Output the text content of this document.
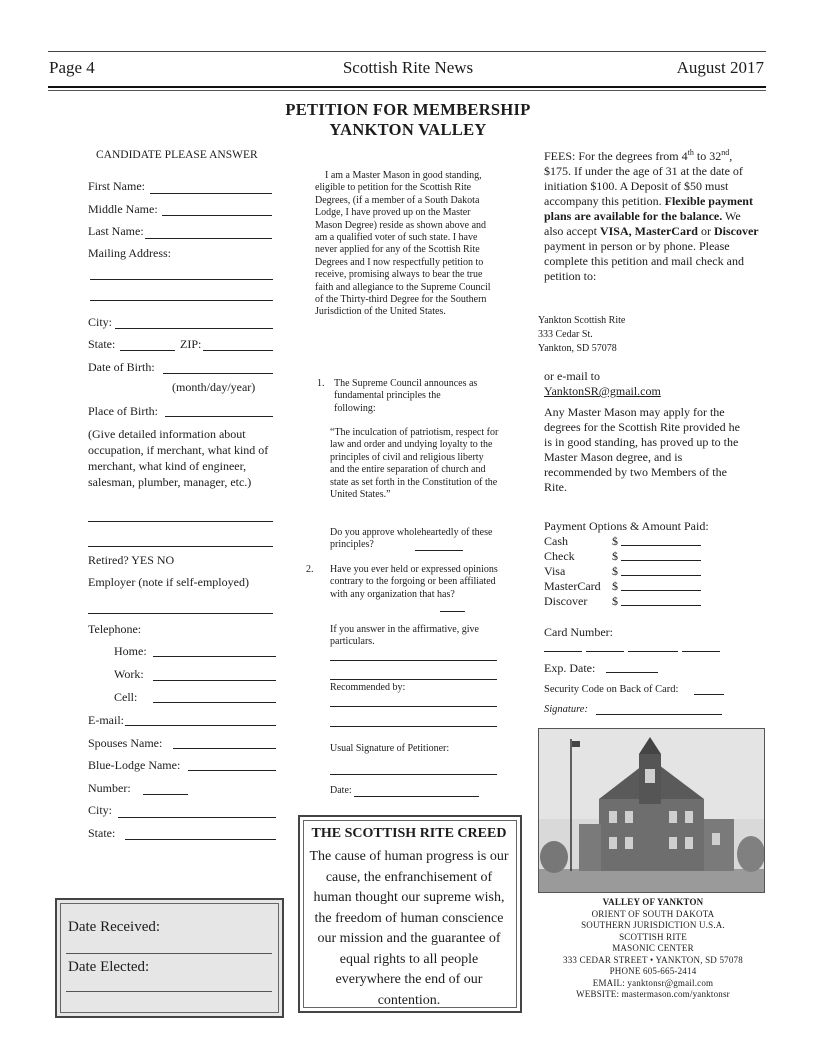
Page 4	Scottish Rite News	August 2017
PETITION FOR MEMBERSHIP
YANKTON VALLEY
CANDIDATE PLEASE ANSWER
First Name:
Middle Name:
Last Name:
Mailing Address:
City:
State:	ZIP:
Date of Birth:
(month/day/year)
Place of Birth:
(Give detailed information about occupation, if merchant, what kind of merchant, what kind of engineer, salesman, plumber, manager, etc.)
Retired? YES NO
Employer (note if self-employed)
Telephone:
Home:
Work:
Cell:
E-mail:
Spouses Name:
Blue-Lodge Name:
Number:
City:
State:
Date Received:
Date Elected:
I am a Master Mason in good standing, eligible to petition for the Scottish Rite Degrees, (if a member of a South Dakota Lodge, I have proved up on the Master Mason Degree) reside as shown above and am a qualified voter of such state. I have never applied for any of the Scottish Rite Degrees and I now respectfully petition to receive, promising always to bear the true faith and allegiance to the Supreme Council of the Thirty-third Degree for the Southern Jurisdiction of the United States.
1. The Supreme Council announces as fundamental principles the following:
“The inculcation of patriotism, respect for law and order and undying loyalty to the principles of civil and religious liberty and the entire separation of church and state as set forth in the Constitution of the United States.”
Do you approve wholeheartedly of these principles?
2. Have you ever held or expressed opinions contrary to the forgoing or been affiliated with any organization that has?
If you answer in the affirmative, give particulars.
Recommended by:
Usual Signature of Petitioner:
Date:
THE SCOTTISH RITE CREED
The cause of human progress is our cause, the enfranchisement of human thought our supreme wish, the freedom of human conscience our mission and the guarantee of equal rights to all people everywhere the end of our contention.
FEES: For the degrees from 4th to 32nd, $175. If under the age of 31 at the date of initiation $100. A Deposit of $50 must accompany this petition. Flexible payment plans are available for the balance. We also accept VISA, MasterCard or Discover payment in person or by phone. Please complete this petition and mail check and petition to:
Yankton Scottish Rite
333 Cedar St.
Yankton, SD 57078
or e-mail to
YanktonSR@gmail.com
Any Master Mason may apply for the degrees for the Scottish Rite provided he is in good standing, has proved up to the Master Mason degree, and is recommended by two Members of the Rite.
Payment Options & Amount Paid:
Cash	$
Check	$
Visa	$
MasterCard $
Discover $
Card Number:
Exp. Date:
Security Code on Back of Card:
Signature:
VALLEY OF YANKTON
ORIENT OF SOUTH DAKOTA
SOUTHERN JURISDICTION U.S.A.
SCOTTISH RITE
MASONIC CENTER
333 CEDAR STREET • YANKTON, SD 57078
PHONE 605-665-2414
EMAIL: yanktonsr@gmail.com
WEBSITE: mastermason.com/yanktonsr
